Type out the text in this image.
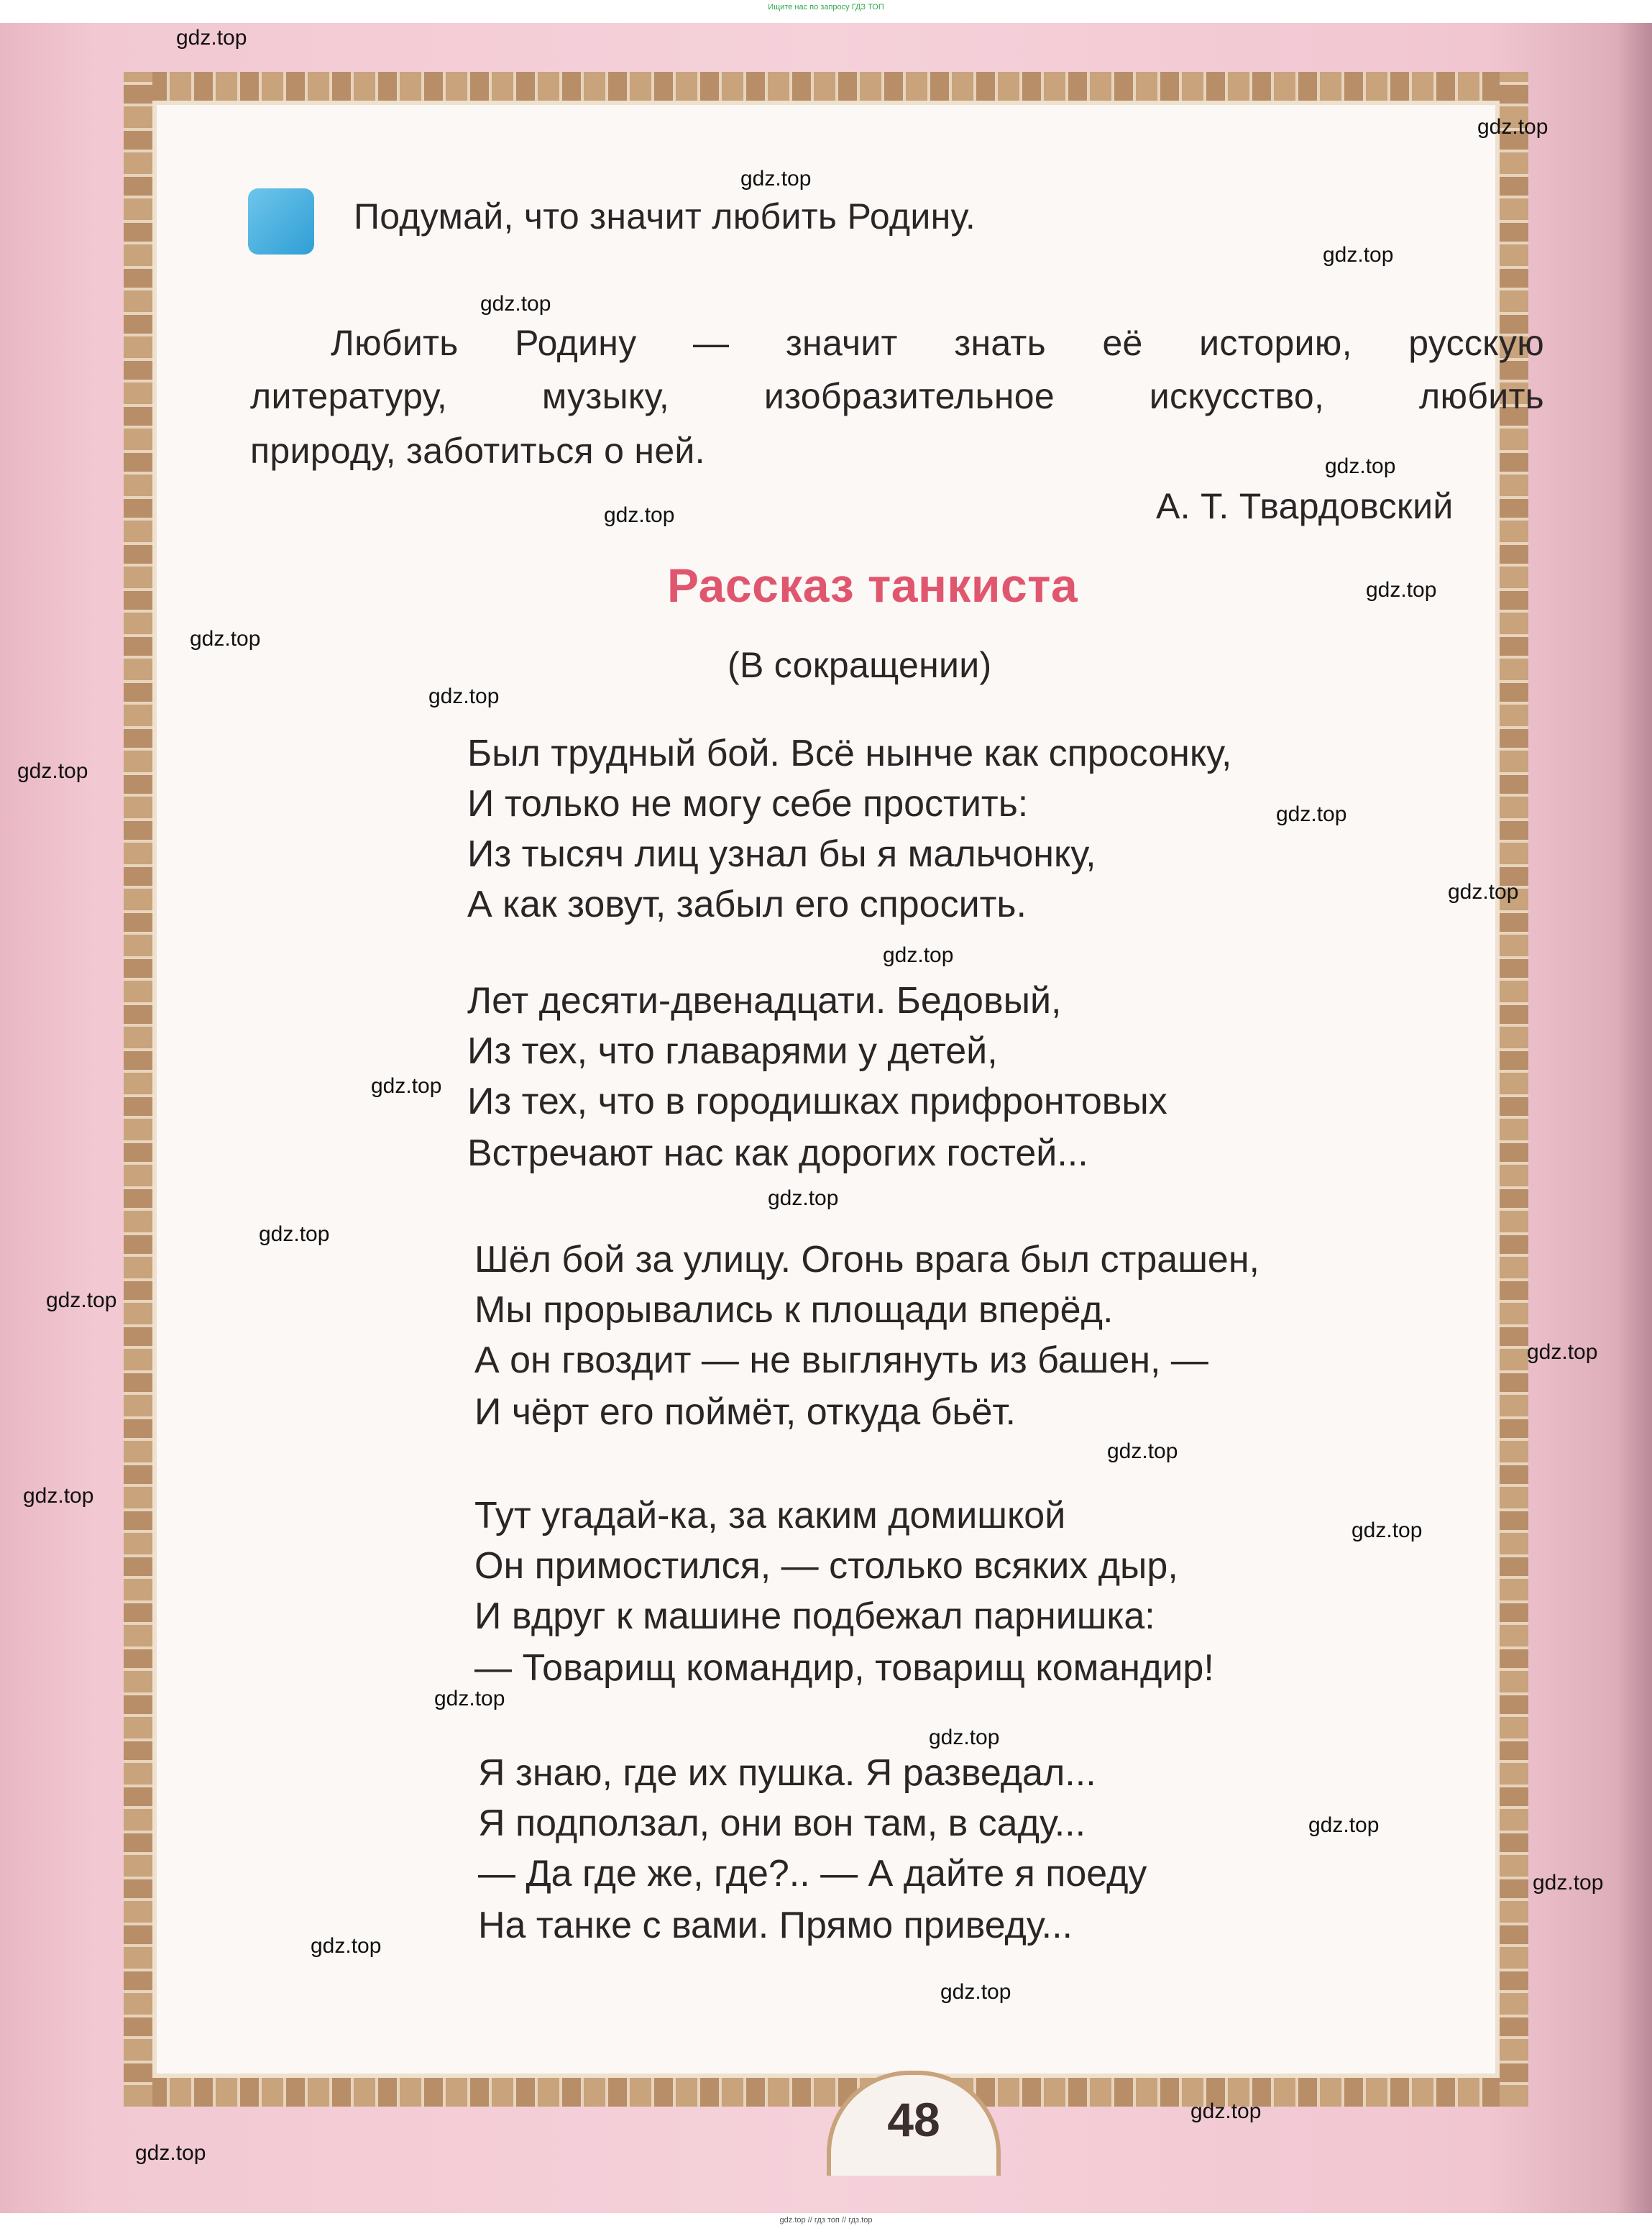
Ищите нас по запросу ГДЗ ТОП
Подумай, что значит любить Родину.
Любить Родину — значит знать её историю, русскую
литературу, музыку, изобразительное искусство, любить
природу, заботиться о ней.
А. Т. Твардовский
Рассказ танкиста
(В сокращении)
Был трудный бой. Всё нынче как спросонку,
И только не могу себе простить:
Из тысяч лиц узнал бы я мальчонку,
А как зовут, забыл его спросить.
Лет десяти-двенадцати. Бедовый,
Из тех, что главарями у детей,
Из тех, что в городишках прифронтовых
Встречают нас как дорогих гостей...
Шёл бой за улицу. Огонь врага был страшен,
Мы прорывались к площади вперёд.
А он гвоздит — не выглянуть из башен, —
И чёрт его поймёт, откуда бьёт.
Тут угадай-ка, за каким домишкой
Он примостился, — столько всяких дыр,
И вдруг к машине подбежал парнишка:
— Товарищ командир, товарищ командир!
Я знаю, где их пушка. Я разведал...
Я подползал, они вон там, в саду...
— Да где же, где?.. — А дайте я поеду
На танке с вами. Прямо приведу...
48
gdz.top
gdz.top
gdz.top
gdz.top
gdz.top
gdz.top
gdz.top
gdz.top
gdz.top
gdz.top
gdz.top
gdz.top
gdz.top
gdz.top
gdz.top
gdz.top
gdz.top
gdz.top
gdz.top
gdz.top
gdz.top
gdz.top
gdz.top
gdz.top
gdz.top
gdz.top
gdz.top
gdz.top
gdz.top
gdz.top
gdz.top // гдз топ // гдз.top
